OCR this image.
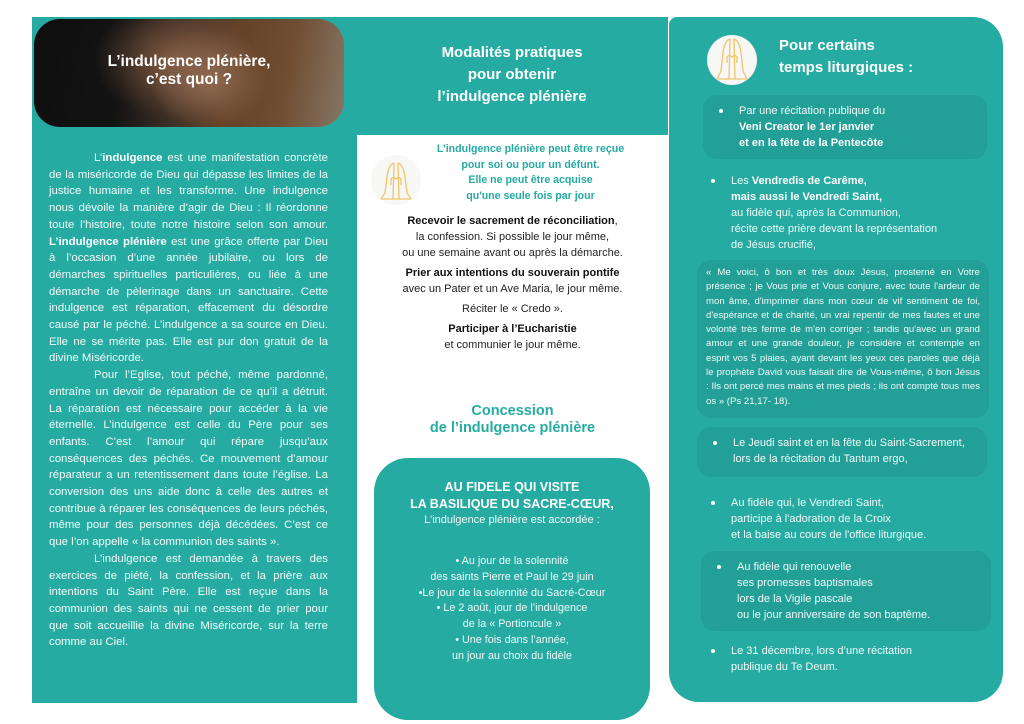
L’indulgence plénière,
c’est quoi ?

L’indulgence est une manifestation concrète de la miséricorde de Dieu qui dépasse les limites de la justice humaine et les transforme. Une indulgence nous dévoile la manière d’agir de Dieu : Il réordonne toute l’histoire, toute notre histoire selon son amour. L’indulgence plénière est une grâce offerte par Dieu à l’occasion d’une année jubilaire, ou lors de démarches spirituelles particulières, ou liée à une démarche de pèlerinage dans un sanctuaire. Cette indulgence est réparation, effacement du désordre causé par le péché. L’indulgence a sa source en Dieu. Elle ne se mérite pas. Elle est pur don gratuit de la divine Miséricorde.

Pour l’Eglise, tout péché, même pardonné, entraîne un devoir de réparation de ce qu’il a détruit. La réparation est nécessaire pour accéder à la vie éternelle. L’indulgence est celle du Père pour ses enfants. C’est l’amour qui répare jusqu’aux conséquences des péchés. Ce mouvement d’amour réparateur a un retentissement dans toute l’église. La conversion des uns aide donc à celle des autres et contribue à réparer les conséquences de leurs péchés, même pour des personnes déjà décédées. C’est ce que l’on appelle « la communion des saints ».

L’indulgence est demandée à travers des exercices de piété, la confession, et la prière aux intentions du Saint Père. Elle est reçue dans la communion des saints qui ne cessent de prier pour que soit accueillie la divine Miséricorde, sur la terre comme au Ciel.

Modalités pratiques
pour obtenir
l’indulgence plénière
L’indulgence plénière peut être reçue
pour soi ou pour un défunt.
Elle ne peut être acquise
qu'une seule fois par jour
Recevoir le sacrement de réconciliation,
la confession. Si possible le jour même,
ou une semaine avant ou après la démarche.
Prier aux intentions du souverain pontife
avec un Pater et un Ave Maria, le jour même.
Réciter le « Credo ».
Participer à l’Eucharistie
et communier le jour même.
Concession
de l’indulgence plénière
AU FIDELE QUI VISITE
LA BASILIQUE DU SACRE-CŒUR,
L’indulgence plénière est accordée :
• Au jour de la solennité
des saints Pierre et Paul le 29 juin
•Le jour de la solennité du Sacré-Cœur
• Le 2 août, jour de l’indulgence
de la « Portioncule »
• Une fois dans l’année,
un jour au choix du fidèle
Pour certains
temps liturgiques :
Par une récitation publique du
Veni Creator le 1er janvier
et en la fête de la Pentecôte
Les Vendredis de Carême,
mais aussi le Vendredi Saint,
au fidèle qui, après la Communion,
récite cette prière devant la représentation
de Jésus crucifié,
« Me voici, ô bon et très doux Jésus, prosterné en Votre présence ; je Vous prie et Vous conjure, avec toute l'ardeur de mon âme, d'imprimer dans mon cœur de vif sentiment de foi, d'espérance et de charité, un vrai repentir de mes fautes et une volonté très ferme de m'en corriger ; tandis qu'avec un grand amour et une grande douleur, je considère et contemple en esprit vos 5 plaies, ayant devant les yeux ces paroles que déjà le prophète David vous faisait dire de Vous-même, ô bon Jésus : Ils ont percé mes mains et mes pieds ; ils ont compté tous mes os » (Ps 21,17- 18).
Le Jeudi saint et en la fête du Saint-Sacrement,
lors de la récitation du Tantum ergo,
Au fidèle qui, le Vendredi Saint,
participe à l'adoration de la Croix
et la baise au cours de l'office liturgique.
Au fidèle qui renouvelle
ses promesses baptismales
lors de la Vigile pascale
ou le jour anniversaire de son baptême.
Le 31 décembre, lors d’une récitation
publique du Te Deum.
